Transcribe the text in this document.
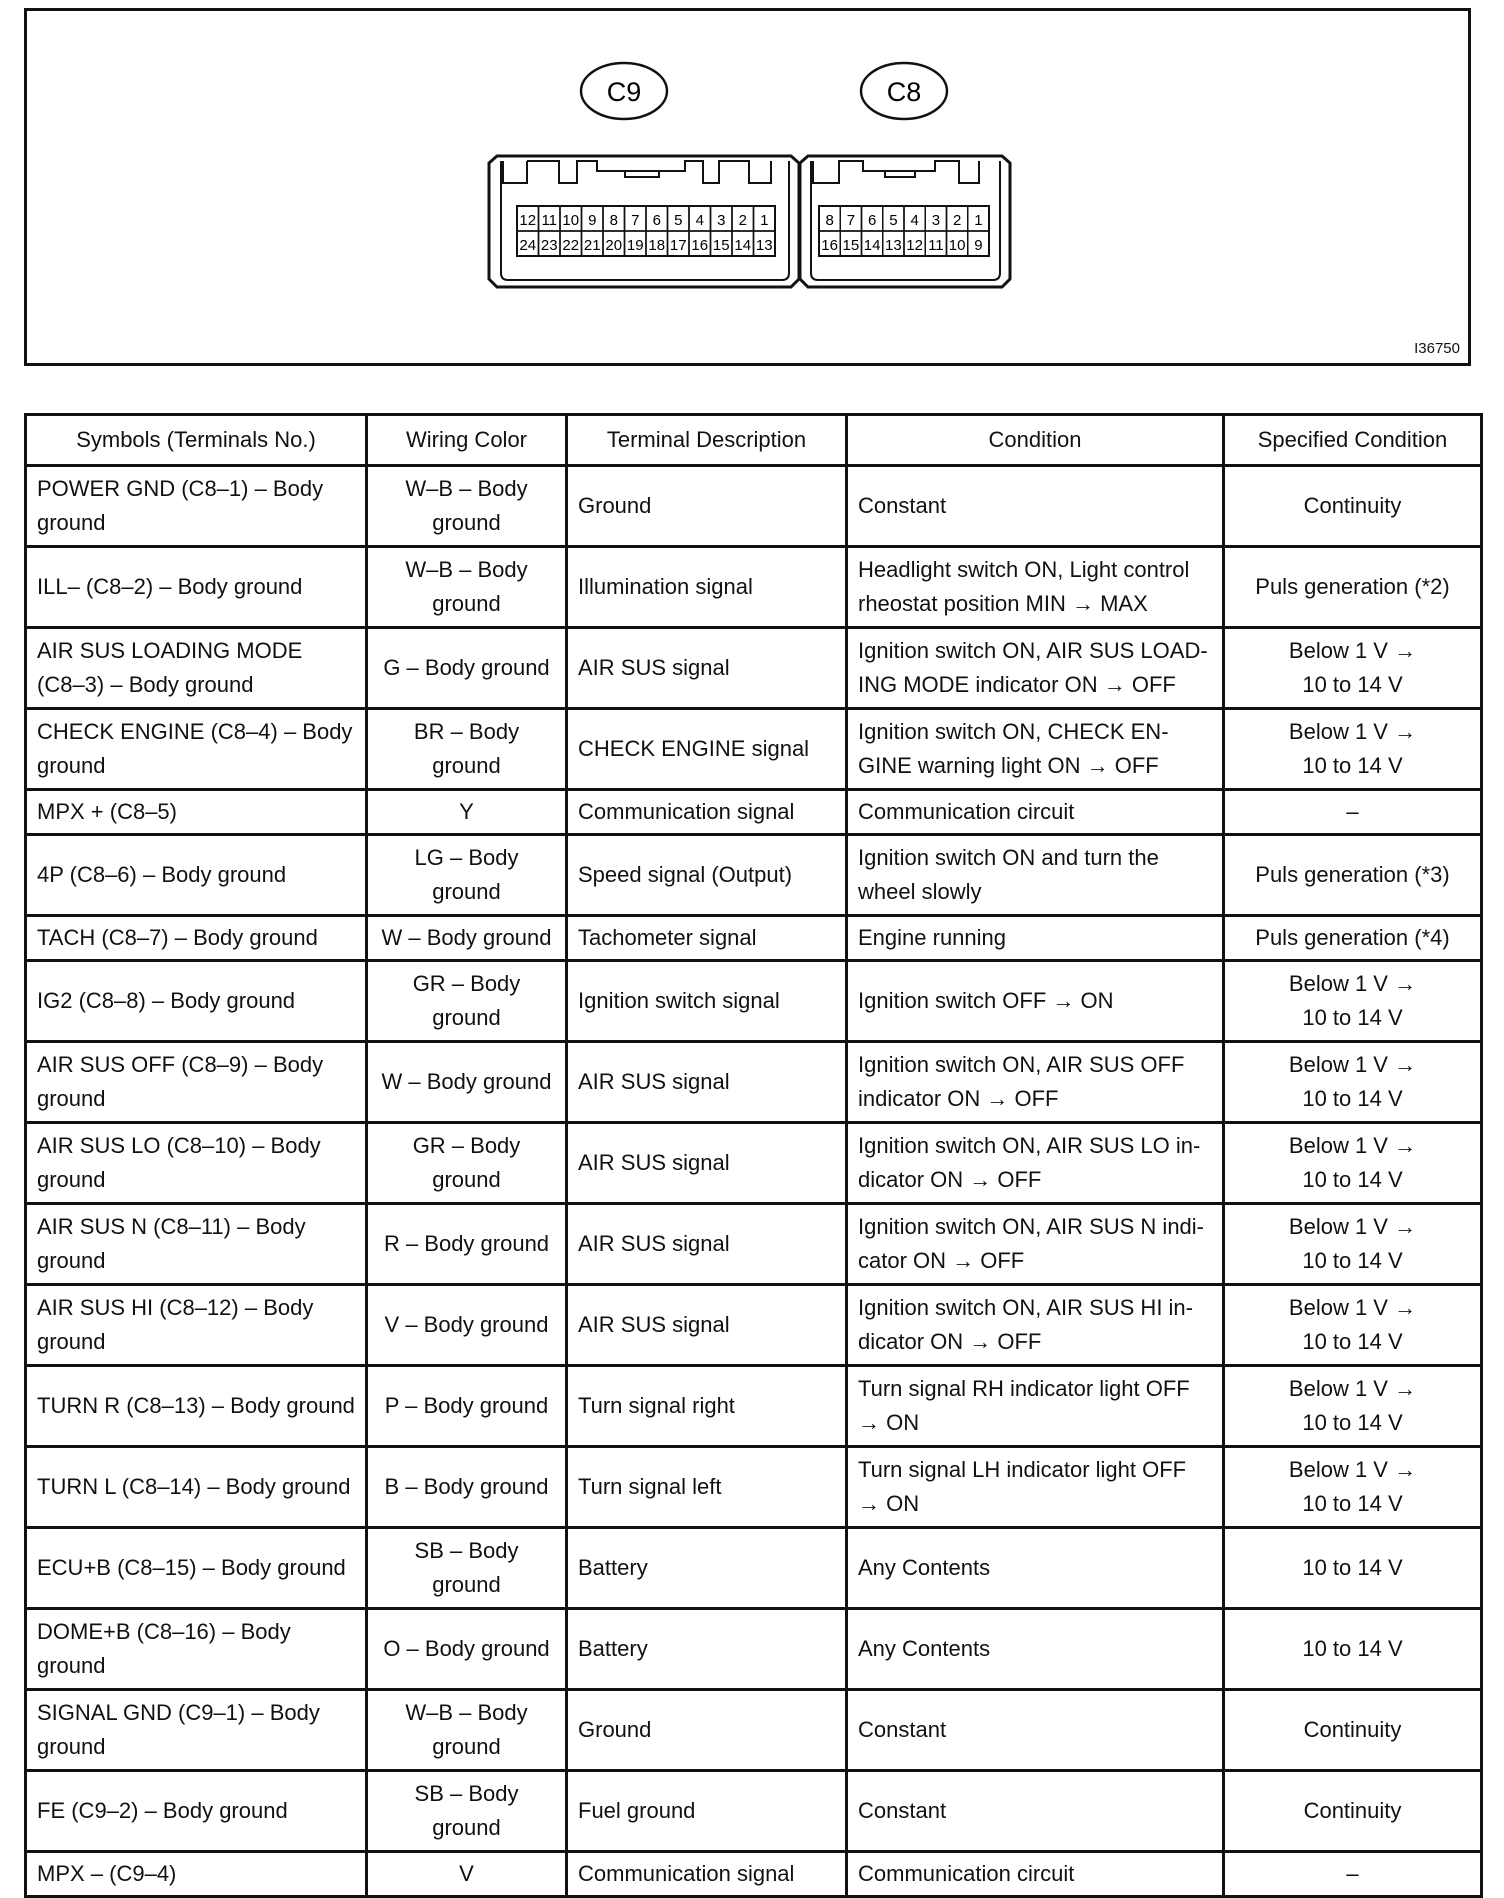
C9	C8
12 11 10 9 8 7 6 5 4 3 2 1
24 23 22 21 20 19 18 17 16 15 14 13
8 7 6 5 4 3 2 1
16 15 14 13 12 11 10 9
I36750
Symbols (Terminals No.)	Wiring Color	Terminal Description	Condition	Specified Condition
POWER GND (C8–1) – Body ground	W–B – Body
ground	Ground	Constant	Continuity
ILL– (C8–2) – Body ground	W–B – Body
ground	Illumination signal	Headlight switch ON, Light control rheostat position MIN → MAX	Puls generation (*2)
AIR SUS LOADING MODE (C8–3) – Body ground	G – Body ground	AIR SUS signal	Ignition switch ON, AIR SUS LOAD-ING MODE indicator ON → OFF	Below 1 V →
10 to 14 V
CHECK ENGINE (C8–4) – Body ground	BR – Body
ground	CHECK ENGINE signal	Ignition switch ON, CHECK EN-GINE warning light ON → OFF	Below 1 V →
10 to 14 V
MPX + (C8–5)	Y	Communication signal	Communication circuit	–
4P (C8–6) – Body ground	LG – Body
ground	Speed signal (Output)	Ignition switch ON and turn the wheel slowly	Puls generation (*3)
TACH (C8–7) – Body ground	W – Body ground	Tachometer signal	Engine running	Puls generation (*4)
IG2 (C8–8) – Body ground	GR – Body
ground	Ignition switch signal	Ignition switch OFF → ON	Below 1 V →
10 to 14 V
AIR SUS OFF (C8–9) – Body ground	W – Body ground	AIR SUS signal	Ignition switch ON, AIR SUS OFF indicator ON → OFF	Below 1 V →
10 to 14 V
AIR SUS LO (C8–10) – Body ground	GR – Body
ground	AIR SUS signal	Ignition switch ON, AIR SUS LO in-dicator ON → OFF	Below 1 V →
10 to 14 V
AIR SUS N (C8–11) – Body ground	R – Body ground	AIR SUS signal	Ignition switch ON, AIR SUS N indi-cator ON → OFF	Below 1 V →
10 to 14 V
AIR SUS HI (C8–12) – Body ground	V – Body ground	AIR SUS signal	Ignition switch ON, AIR SUS HI in-dicator ON → OFF	Below 1 V →
10 to 14 V
TURN R (C8–13) – Body ground	P – Body ground	Turn signal right	Turn signal RH indicator light OFF → ON	Below 1 V →
10 to 14 V
TURN L (C8–14) – Body ground	B – Body ground	Turn signal left	Turn signal LH indicator light OFF → ON	Below 1 V →
10 to 14 V
ECU+B (C8–15) – Body ground	SB – Body
ground	Battery	Any Contents	10 to 14 V
DOME+B (C8–16) – Body ground	O – Body ground	Battery	Any Contents	10 to 14 V
SIGNAL GND (C9–1) – Body ground	W–B – Body
ground	Ground	Constant	Continuity
FE (C9–2) – Body ground	SB – Body
ground	Fuel ground	Constant	Continuity
MPX – (C9–4)	V	Communication signal	Communication circuit	–
